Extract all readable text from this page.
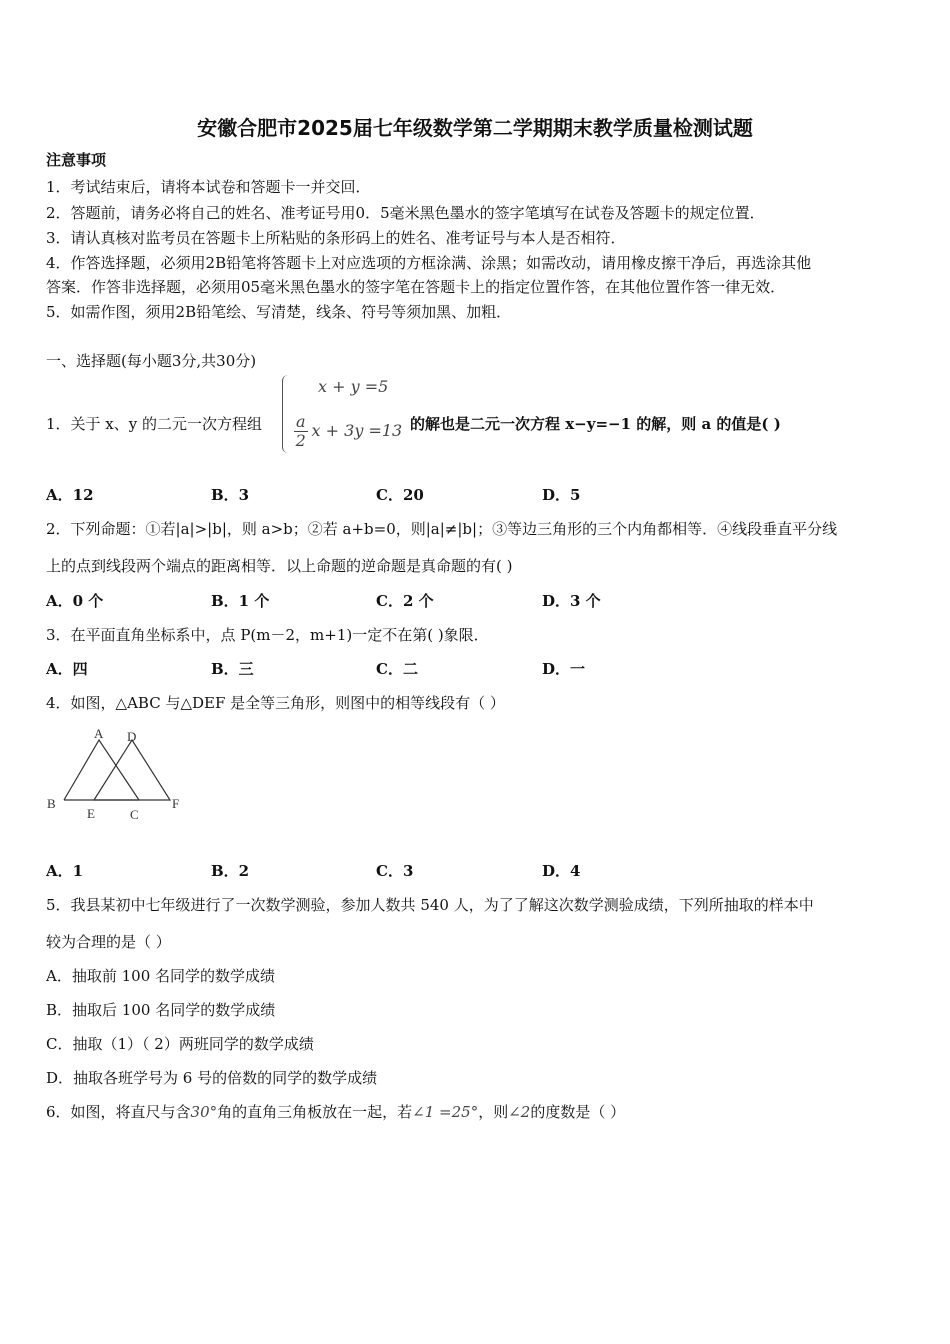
安徽合肥市2025届七年级数学第二学期期末教学质量检测试题
注意事项
1．考试结束后，请将本试卷和答题卡一并交回．
2．答题前，请务必将自己的姓名、准考证号用0．5毫米黑色墨水的签字笔填写在试卷及答题卡的规定位置．
3．请认真核对监考员在答题卡上所粘贴的条形码上的姓名、准考证号与本人是否相符．
4．作答选择题，必须用2B铅笔将答题卡上对应选项的方框涂满、涂黑；如需改动，请用橡皮擦干净后，再选涂其他
答案．作答非选择题，必须用05毫米黑色墨水的签字笔在答题卡上的指定位置作答，在其他位置作答一律无效．
5．如需作图，须用2B铅笔绘、写清楚，线条、符号等须加黑、加粗．
一、选择题(每小题3分,共30分)
1．关于 x、y 的二元一次方程组
x + y =5
$\frac{a}{2}$ x + 3y =13 的解也是二元一次方程 x−y=−1 的解，则 a 的值是( )
A．12	B．3	C．20	D．5
2．下列命题：①若|a|>|b|，则 a>b；②若 a+b=0，则|a|≠|b|；③等边三角形的三个内角都相等．④线段垂直平分线
上的点到线段两个端点的距离相等．以上命题的逆命题是真命题的有( )
A．0 个	B．1 个	C．2 个	D．3 个
3．在平面直角坐标系中，点 P(m－2，m+1)一定不在第( )象限．
A．四	B．三	C．二	D．一
4．如图，△ABC 与△DEF 是全等三角形，则图中的相等线段有（ ）
A D
B
E	C
F
A．1	B．2	C．3	D．4
5．我县某初中七年级进行了一次数学测验，参加人数共 540 人，为了了解这次数学测验成绩，下列所抽取的样本中
较为合理的是（ ）
A．抽取前 100 名同学的数学成绩
B．抽取后 100 名同学的数学成绩
C．抽取（1）（ 2）两班同学的数学成绩
D．抽取各班学号为 6 号的倍数的同学的数学成绩
6．如图，将直尺与含30°角的直角三角板放在一起，若∠1 =25°，则∠2的度数是（ ）
